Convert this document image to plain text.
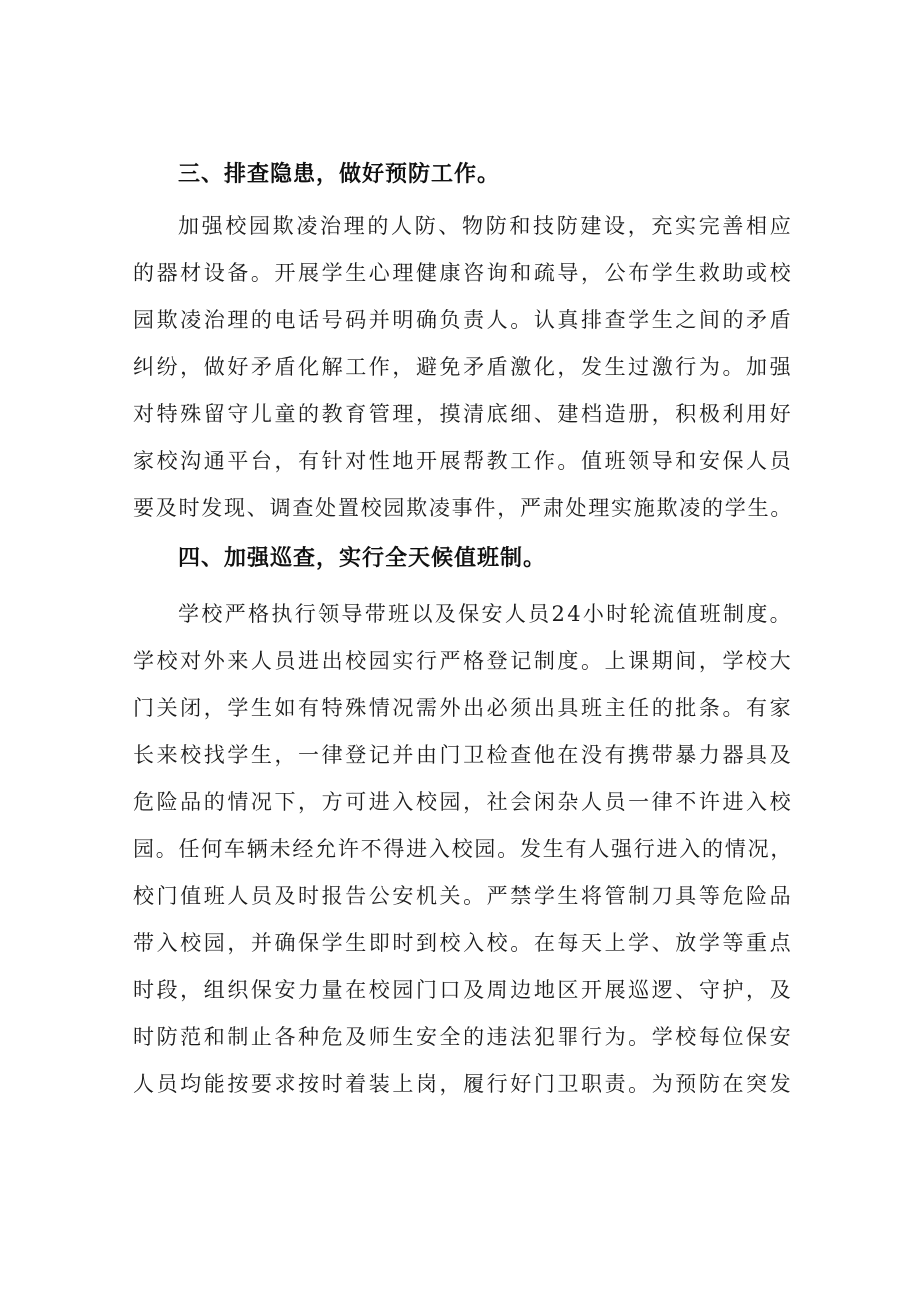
三、排查隐患，做好预防工作。

加强校园欺凌治理的人防、物防和技防建设，充实完善相应

的器材设备。开展学生心理健康咨询和疏导，公布学生救助或校

园欺凌治理的电话号码并明确负责人。认真排查学生之间的矛盾

纠纷，做好矛盾化解工作，避免矛盾激化，发生过激行为。加强

对特殊留守儿童的教育管理，摸清底细、建档造册，积极利用好

家校沟通平台，有针对性地开展帮教工作。值班领导和安保人员

要及时发现、调查处置校园欺凌事件，严肃处理实施欺凌的学生。

四、加强巡查，实行全天候值班制。

学校严格执行领导带班以及保安人员24小时轮流值班制度。

学校对外来人员进出校园实行严格登记制度。上课期间，学校大

门关闭，学生如有特殊情况需外出必须出具班主任的批条。有家

长来校找学生，一律登记并由门卫检查他在没有携带暴力器具及

危险品的情况下，方可进入校园，社会闲杂人员一律不许进入校

园。任何车辆未经允许不得进入校园。发生有人强行进入的情况，

校门值班人员及时报告公安机关。严禁学生将管制刀具等危险品

带入校园，并确保学生即时到校入校。在每天上学、放学等重点

时段，组织保安力量在校园门口及周边地区开展巡逻、守护，及

时防范和制止各种危及师生安全的违法犯罪行为。学校每位保安

人员均能按要求按时着装上岗，履行好门卫职责。为预防在突发
